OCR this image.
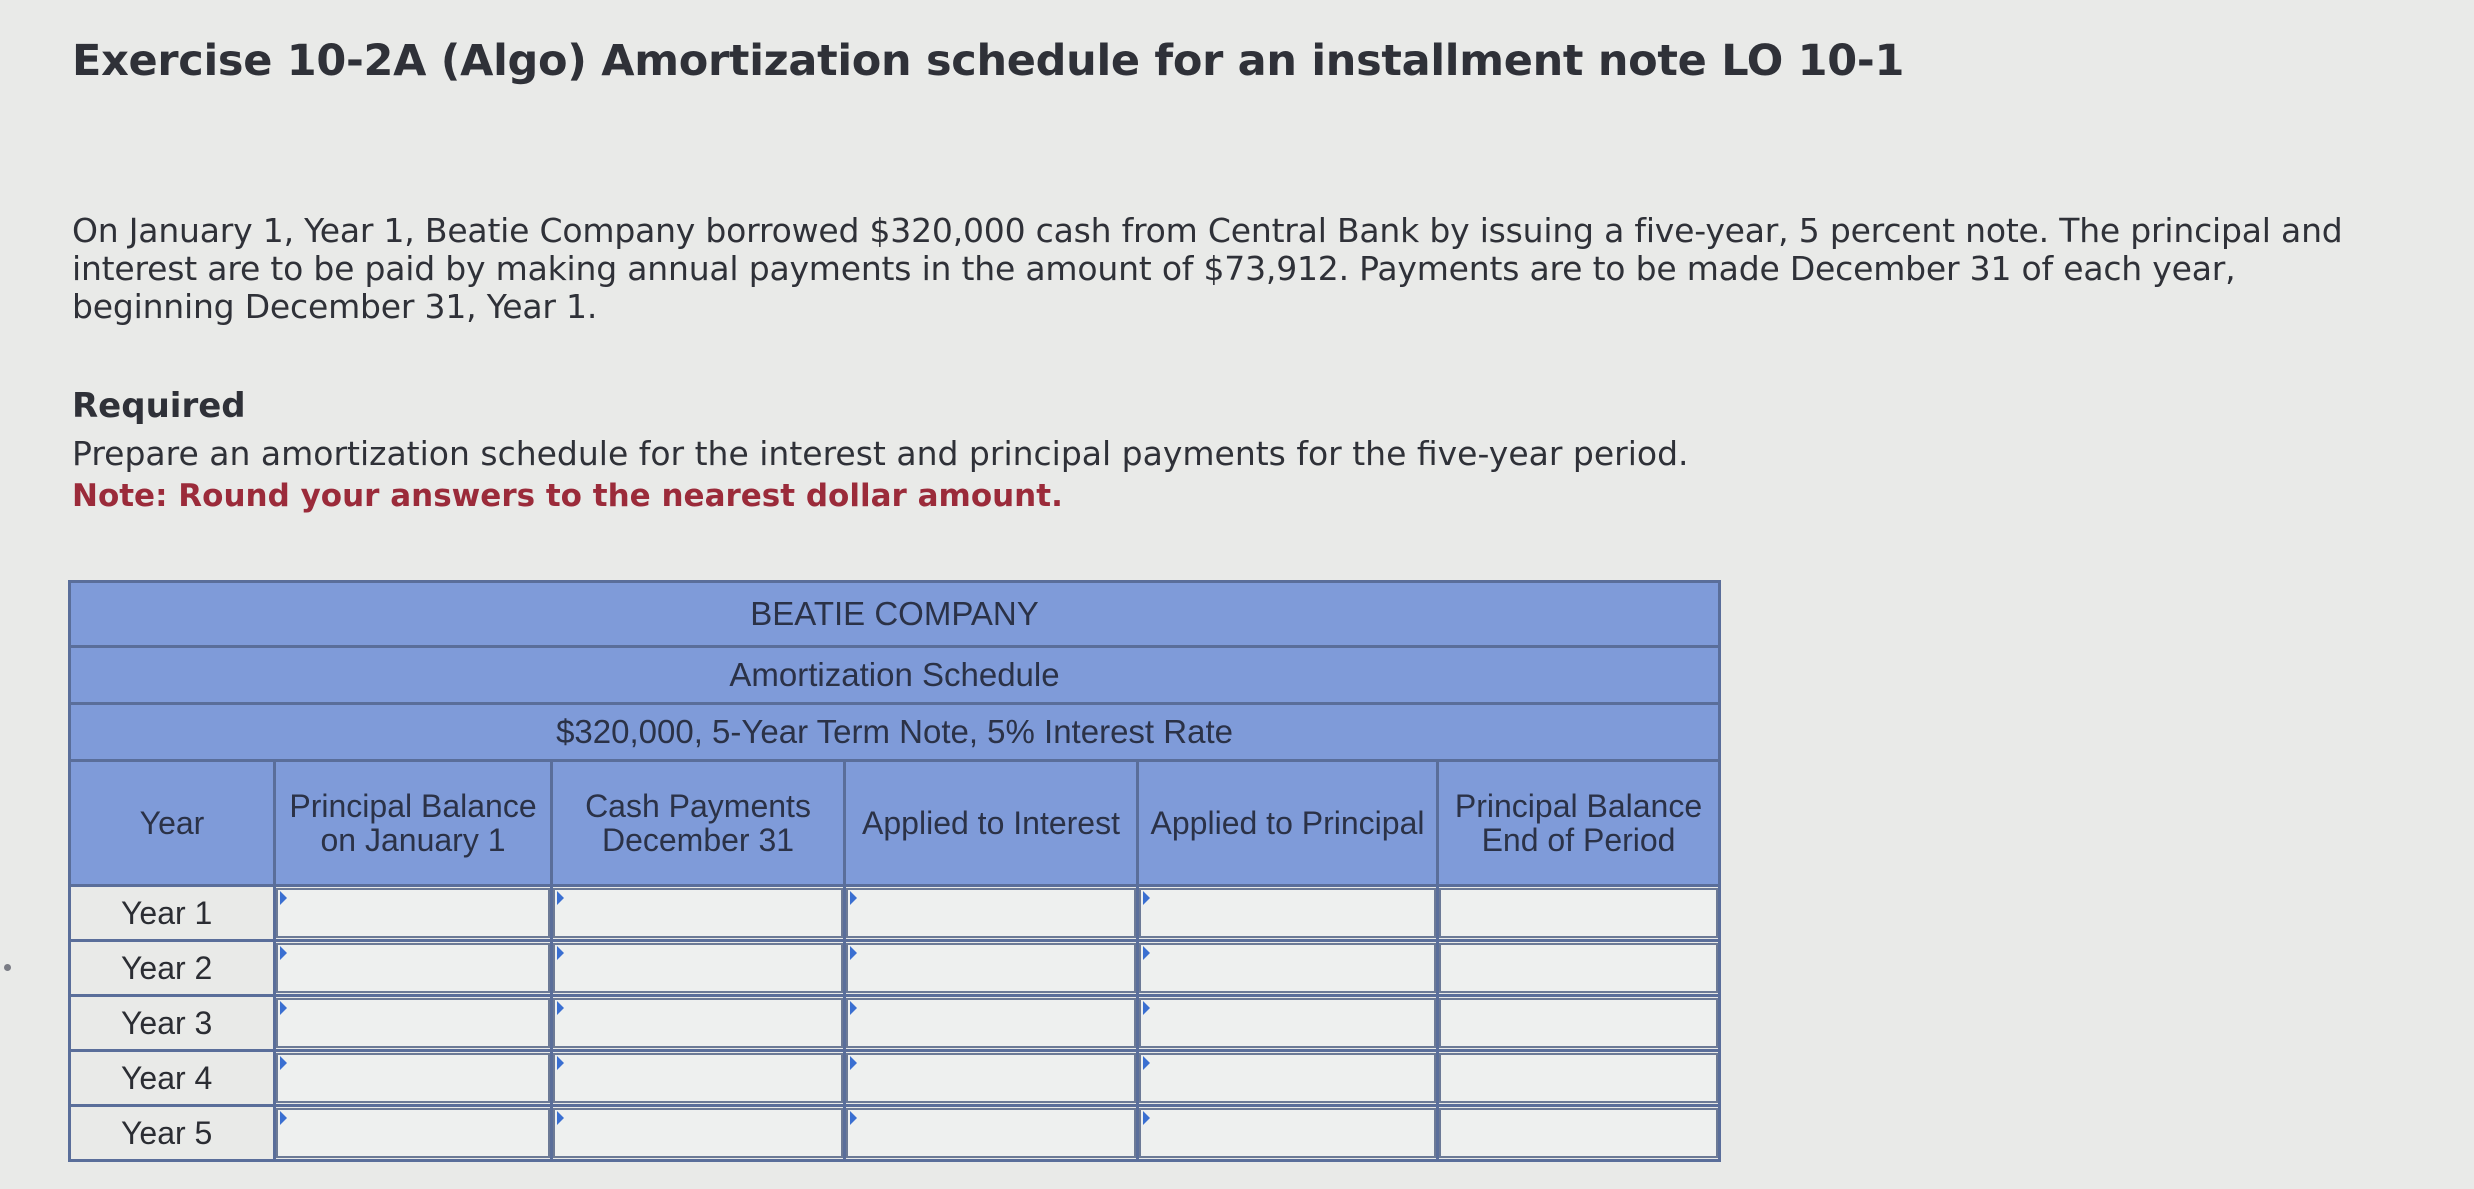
Exercise 10-2A (Algo) Amortization schedule for an installment note LO 10-1

On January 1, Year 1, Beatie Company borrowed $320,000 cash from Central Bank by issuing a five-year, 5 percent note. The principal and interest are to be paid by making annual payments in the amount of $73,912. Payments are to be made December 31 of each year, beginning December 31, Year 1.

Required

Prepare an amortization schedule for the interest and principal payments for the five-year period.

Note: Round your answers to the nearest dollar amount.

BEATIE COMPANY					
Amortization Schedule					
$320,000, 5-Year Term Note, 5% Interest Rate					
Year	Principal Balance on January 1	Cash Payments December 31	Applied to Interest	Applied to Principal	Principal Balance End of Period
Year 1	

Year 2	

Year 3	

Year 4	

Year 5	
